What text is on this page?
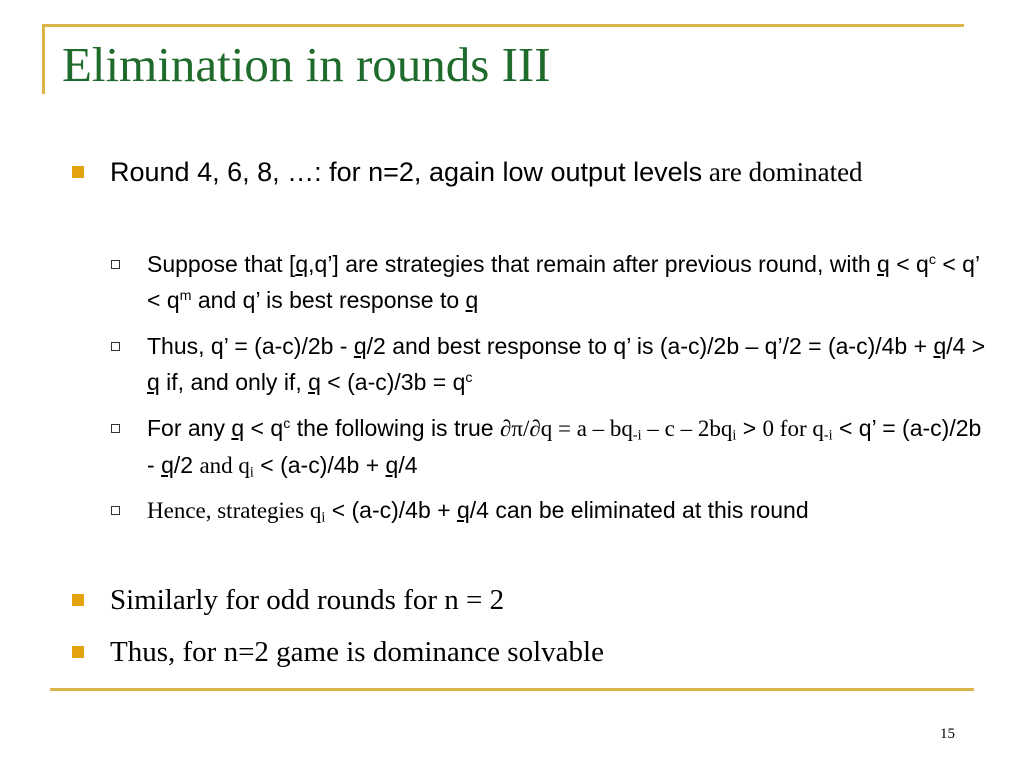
Elimination in rounds III
Round 4, 6, 8, …: for n=2, again low output levels are dominated
Suppose that [q,q’] are strategies that remain after previous round, with $q < q^c < q$’ < $q^m$ and q’ is best response to q
Thus, q’ = (a-c)/2b - q/2 and best response to q’ is (a-c)/2b – q’/2 = (a-c)/4b + q/4 > q if, and only if, $q < (a-c)/3b = q^c$
For any $q < q^c$ the following is true $\partial\pi/\partial q = a - bq_{-i} - c - 2bq_i > 0$ for $q_{-i} < q$’ = (a-c)/2b - q/2 and $q_i < (a-c)/4b + q/4$
Hence, strategies $q_i < (a-c)/4b + q/4$ can be eliminated at this round
Similarly for odd rounds for n = 2
Thus, for n=2 game is dominance solvable
15
